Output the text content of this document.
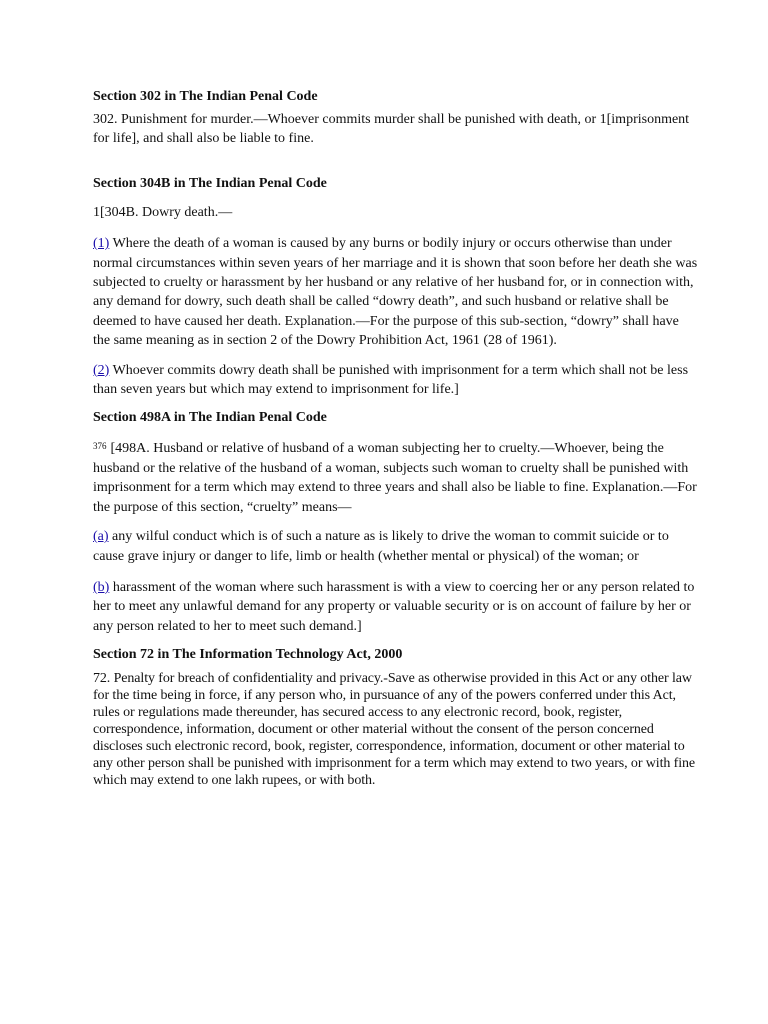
Section 302 in The Indian Penal Code

302. Punishment for murder.—Whoever commits murder shall be punished with death, or 1[imprisonment for life], and shall also be liable to fine.

Section 304B in The Indian Penal Code

1[304B. Dowry death.—

(1) Where the death of a woman is caused by any burns or bodily injury or occurs otherwise than under normal circumstances within seven years of her marriage and it is shown that soon before her death she was subjected to cruelty or harassment by her husband or any relative of her husband for, or in connection with, any demand for dowry, such death shall be called “dowry death”, and such husband or relative shall be deemed to have caused her death. Explanation.—For the purpose of this sub-section, “dowry” shall have the same meaning as in section 2 of the Dowry Prohibition Act, 1961 (28 of 1961).

(2) Whoever commits dowry death shall be punished with imprisonment for a term which shall not be less than seven years but which may extend to imprisonment for life.]

Section 498A in The Indian Penal Code

$^{376}$ [498A. Husband or relative of husband of a woman subjecting her to cruelty.—Whoever, being the husband or the relative of the husband of a woman, subjects such woman to cruelty shall be punished with imprisonment for a term which may extend to three years and shall also be liable to fine. Explanation.—For the purpose of this section, “cruelty” means—

(a) any wilful conduct which is of such a nature as is likely to drive the woman to commit suicide or to cause grave injury or danger to life, limb or health (whether mental or physical) of the woman; or

(b) harassment of the woman where such harassment is with a view to coercing her or any person related to her to meet any unlawful demand for any property or valuable security or is on account of failure by her or any person related to her to meet such demand.]

Section 72 in The Information Technology Act, 2000

72. Penalty for breach of confidentiality and privacy.-Save as otherwise provided in this Act or any other law for the time being in force, if any person who, in pursuance of any of the powers conferred under this Act, rules or regulations made thereunder, has secured access to any electronic record, book, register, correspondence, information, document or other material without the consent of the person concerned discloses such electronic record, book, register, correspondence, information, document or other material to any other person shall be punished with imprisonment for a term which may extend to two years, or with fine which may extend to one lakh rupees, or with both.
